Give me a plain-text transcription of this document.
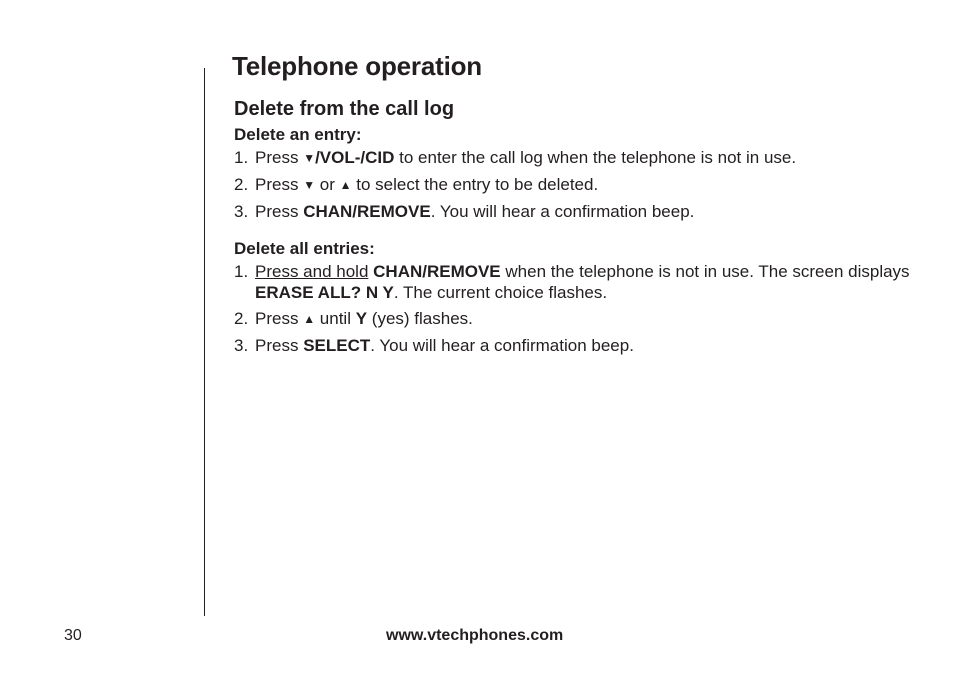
Telephone operation
Delete from the call log
Delete an entry:
1. Press ▼/VOL-/CID to enter the call log when the telephone is not in use.
2. Press ▼ or ▲ to select the entry to be deleted.
3. Press CHAN/REMOVE. You will hear a confirmation beep.
Delete all entries:
1. Press and hold CHAN/REMOVE when the telephone is not in use. The screen displays ERASE ALL? N Y. The current choice flashes.
2. Press ▲ until Y (yes) flashes.
3. Press SELECT. You will hear a confirmation beep.
30	www.vtechphones.com
